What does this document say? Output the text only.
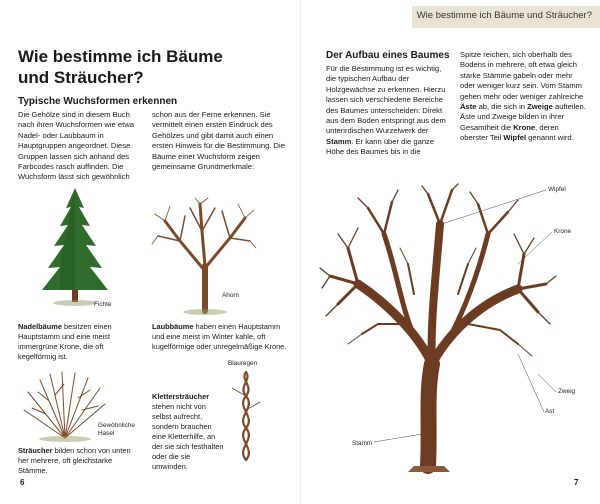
Wie bestimme ich Bäume und Sträucher?
Wie bestimme ich Bäume
und Sträucher?
Typische Wuchsformen erkennen
Die Gehölze sind in diesem Buch nach ihren Wuchsformen wie etwa Nadel- oder Laubbaum in Hauptgruppen angeordnet. Diese Gruppen lassen sich anhand des Farbcodes rasch auffinden. Die Wuchsform lässt sich gewöhnlich
schon aus der Ferne erkennen. Sie vermittelt einen ersten Eindruck des Gehölzes und gibt damit auch einen ersten Hinweis für die Bestimmung. Die Bäume einer Wuchsform zeigen gemeinsame Grundmerkmale:
Fichte
Ahorn
Nadelbäume besitzen einen Hauptstamm und eine meist immergrüne Krone, die oft kegelförmig ist.
Laubbäume haben einen Hauptstamm und eine meist im Winter kahle, oft kugelförmige oder unregelmäßige Krone.
Gewöhnliche Hasel
Sträucher bilden schon von unten her mehrere, oft gleichstarke Stämme.
Klettersträucher stehen nicht von selbst aufrecht, sondern brauchen eine Kletterhilfe, an der sie sich festhalten oder die sie umwinden.
Blauregen
6
Der Aufbau eines Baumes
Für die Bestimmung ist es wichtig, die typischen Aufbau der Holzgewächse zu erkennen. Hierzu lassen sich verschiedene Bereiche des Baumes unterscheiden: Direkt aus dem Boden entspringt aus dem unterirdischen Wurzelwerk der Stamm. Er kann über die ganze Höhe des Baumes bis in die
Spitze reichen, sich oberhalb des Bodens in mehrere, oft etwa gleich starke Stämme gabeln oder mehr oder weniger kurz sein. Vom Stamm gehen mehr oder weniger zahlreiche Äste ab, die sich in Zweige aufteilen. Äste und Zweige bilden in ihrer Gesamtheit die Krone, deren oberster Teil Wipfel genannt wird.
Wipfel
Krone
Zweig
Ast
Stamm
7
